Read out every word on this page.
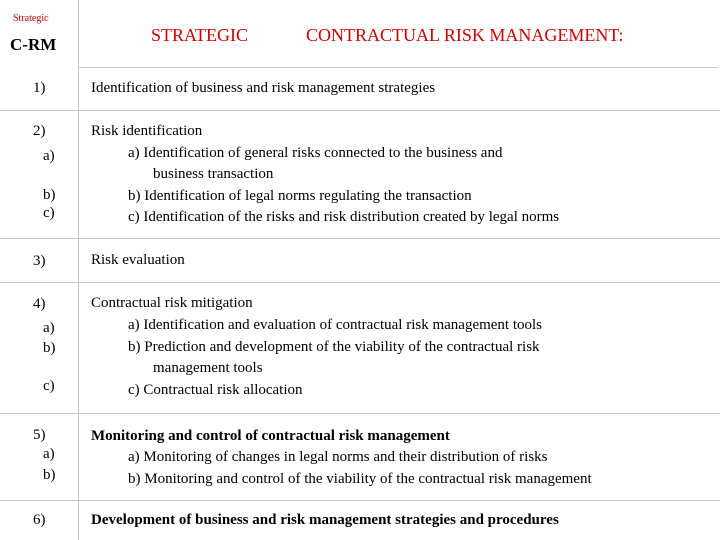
Strategic
C-RM	STRATEGIC	CONTRACTUAL RISK MANAGEMENT:
1)	Identification of business and risk management strategies
2)	Risk identification
a)	a) Identification of general risks connected to the business and
business transaction
b)	b) Identification of legal norms regulating the transaction
c)	c) Identification of the risks and risk distribution created by legal norms
3)	Risk evaluation
4)	Contractual risk mitigation
a)	a) Identification and evaluation of contractual risk management tools
b)	b) Prediction and development of the viability of the contractual risk
management tools
c)	c) Contractual risk allocation
5)	Monitoring and control of contractual risk management
a)	a) Monitoring of changes in legal norms and their distribution of risks
b)	b) Monitoring and control of the viability of the contractual risk management
6)	Development of business and risk management strategies and procedures
